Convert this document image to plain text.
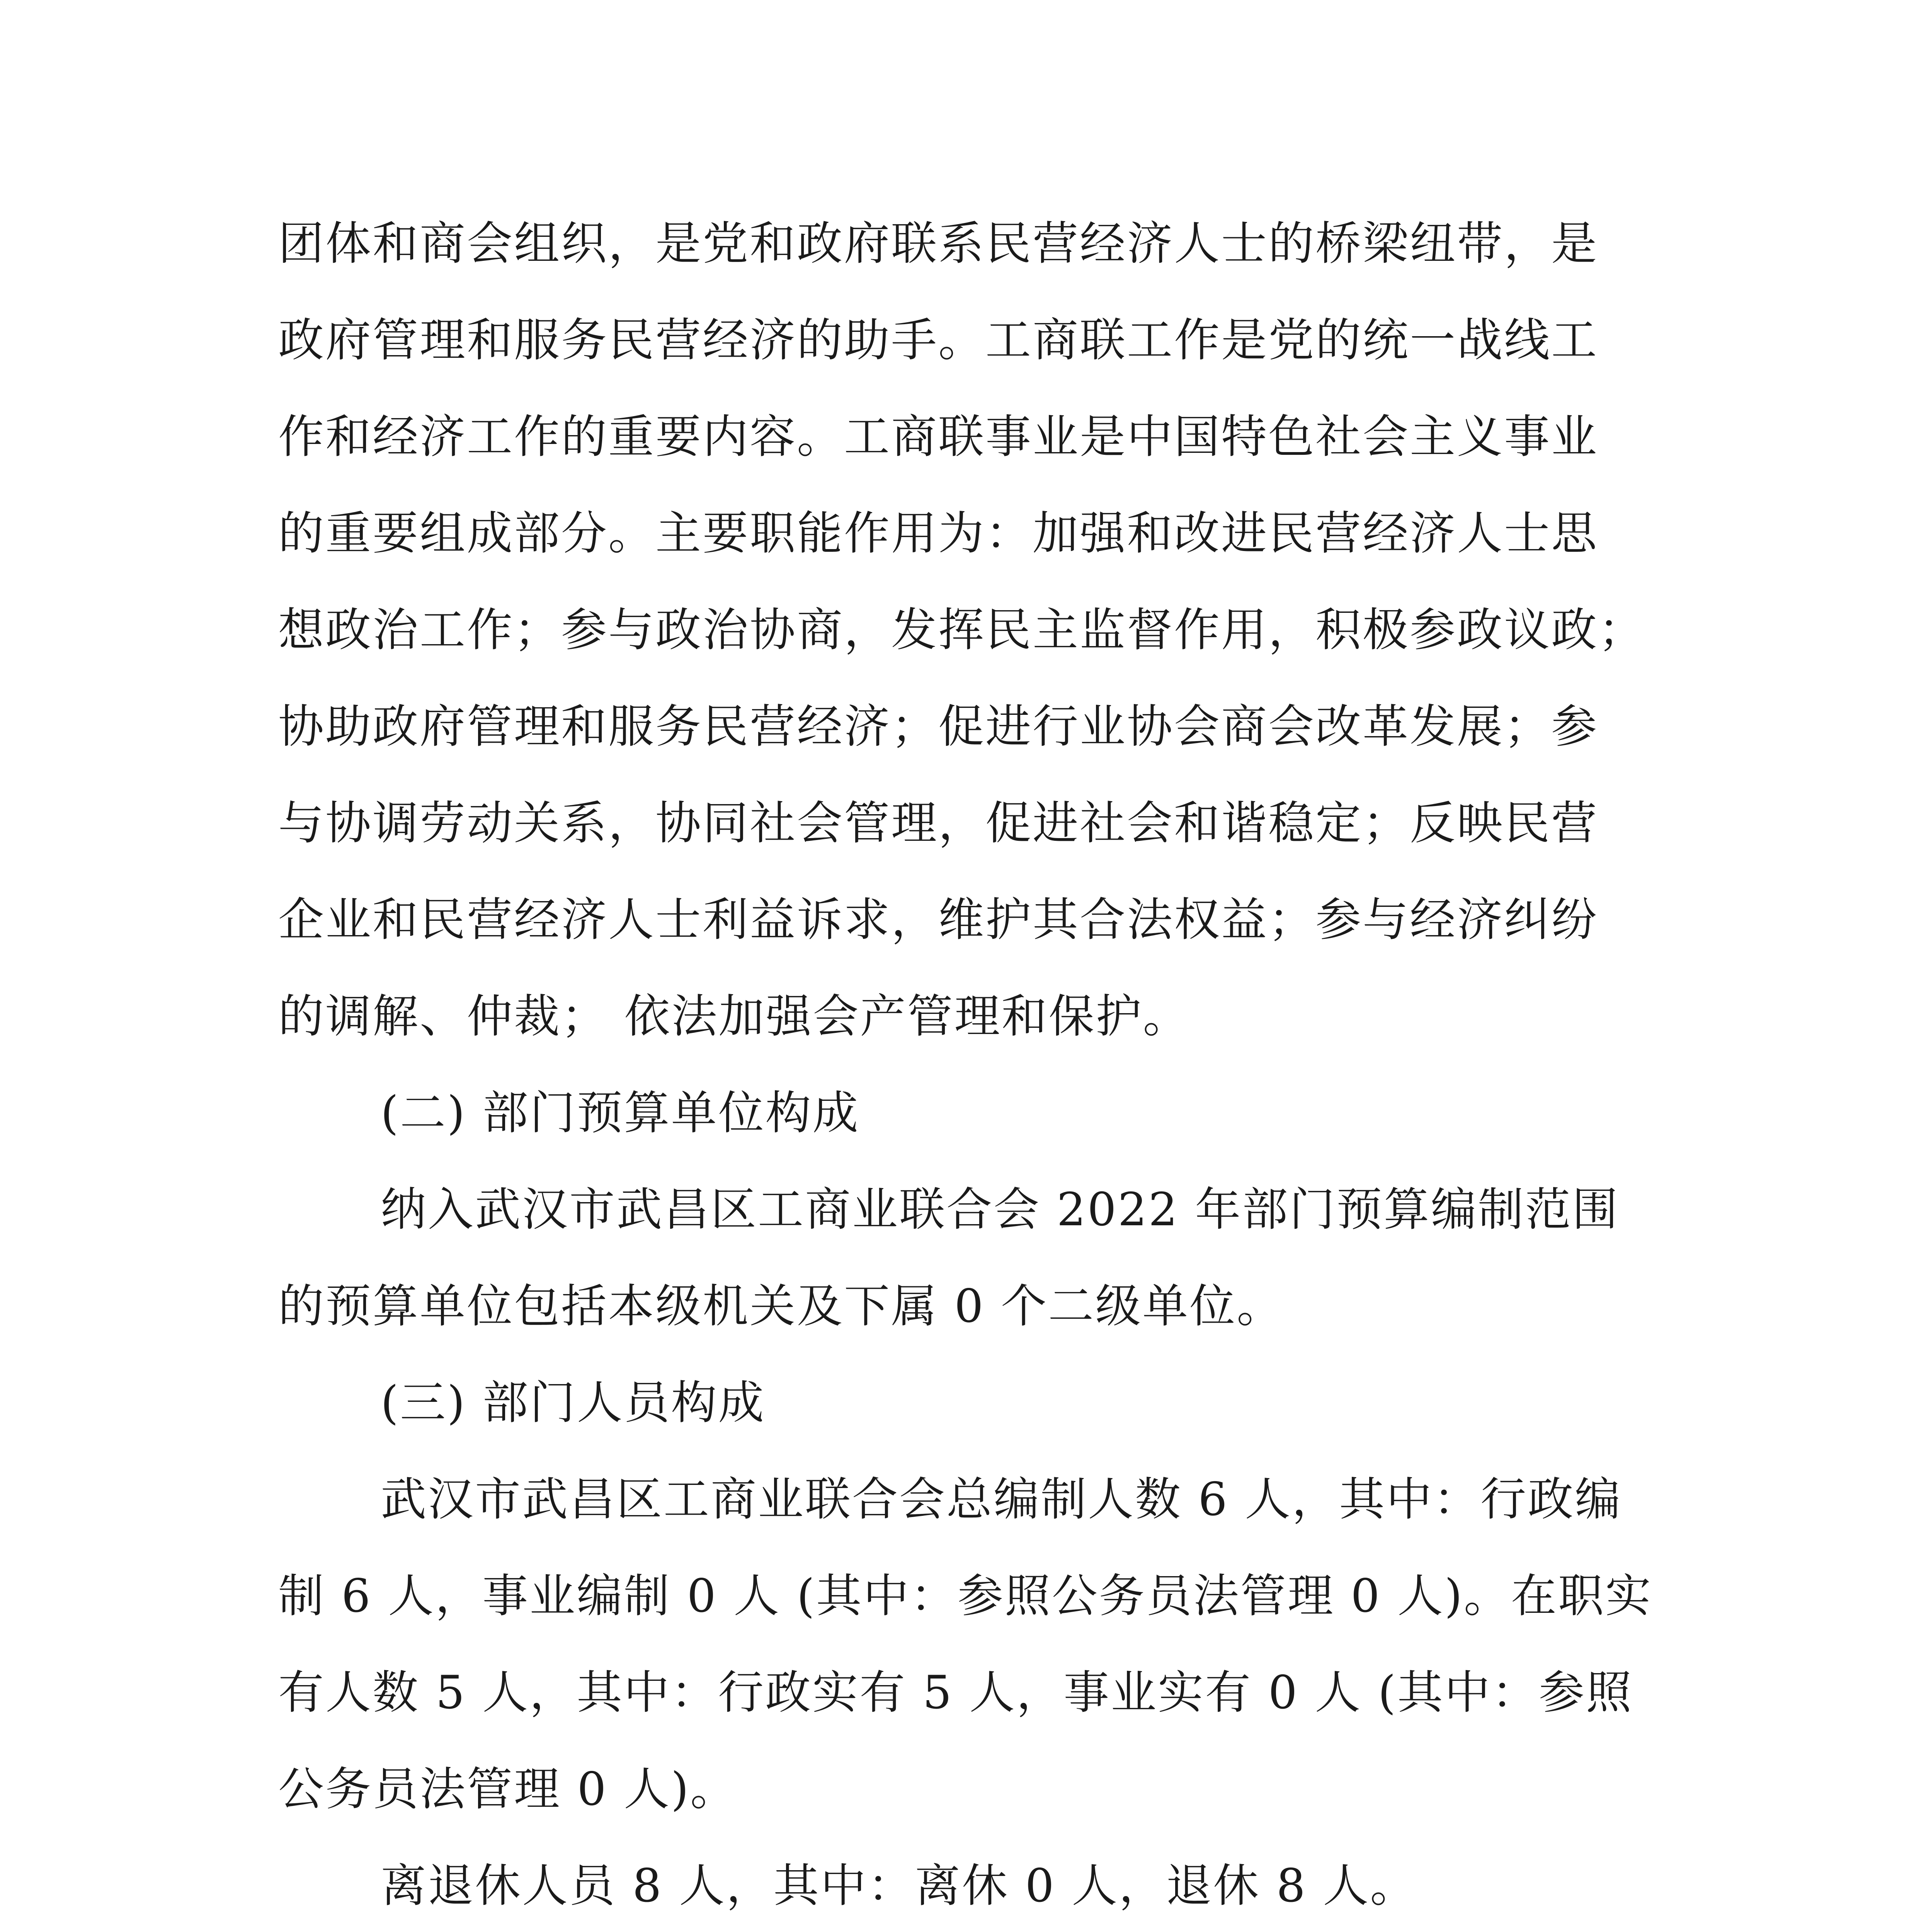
团体和商会组织，是党和政府联系民营经济人士的桥梁纽带，是
政府管理和服务民营经济的助手。工商联工作是党的统一战线工
作和经济工作的重要内容。工商联事业是中国特色社会主义事业
的重要组成部分。主要职能作用为：加强和改进民营经济人士思
想政治工作；参与政治协商，发挥民主监督作用，积极参政议政；
协助政府管理和服务民营经济；促进行业协会商会改革发展；参
与协调劳动关系，协同社会管理，促进社会和谐稳定；反映民营
企业和民营经济人士利益诉求，维护其合法权益；参与经济纠纷
的调解、仲裁； 依法加强会产管理和保护。
(二) 部门预算单位构成
纳入武汉市武昌区工商业联合会 2022 年部门预算编制范围
的预算单位包括本级机关及下属 0 个二级单位。
(三) 部门人员构成
武汉市武昌区工商业联合会总编制人数 6 人，其中：行政编
制 6 人，事业编制 0 人 (其中：参照公务员法管理 0 人)。在职实
有人数 5 人，其中：行政实有 5 人，事业实有 0 人 (其中：参照
公务员法管理 0 人)。
离退休人员 8 人，其中：离休 0 人，退休 8 人。
